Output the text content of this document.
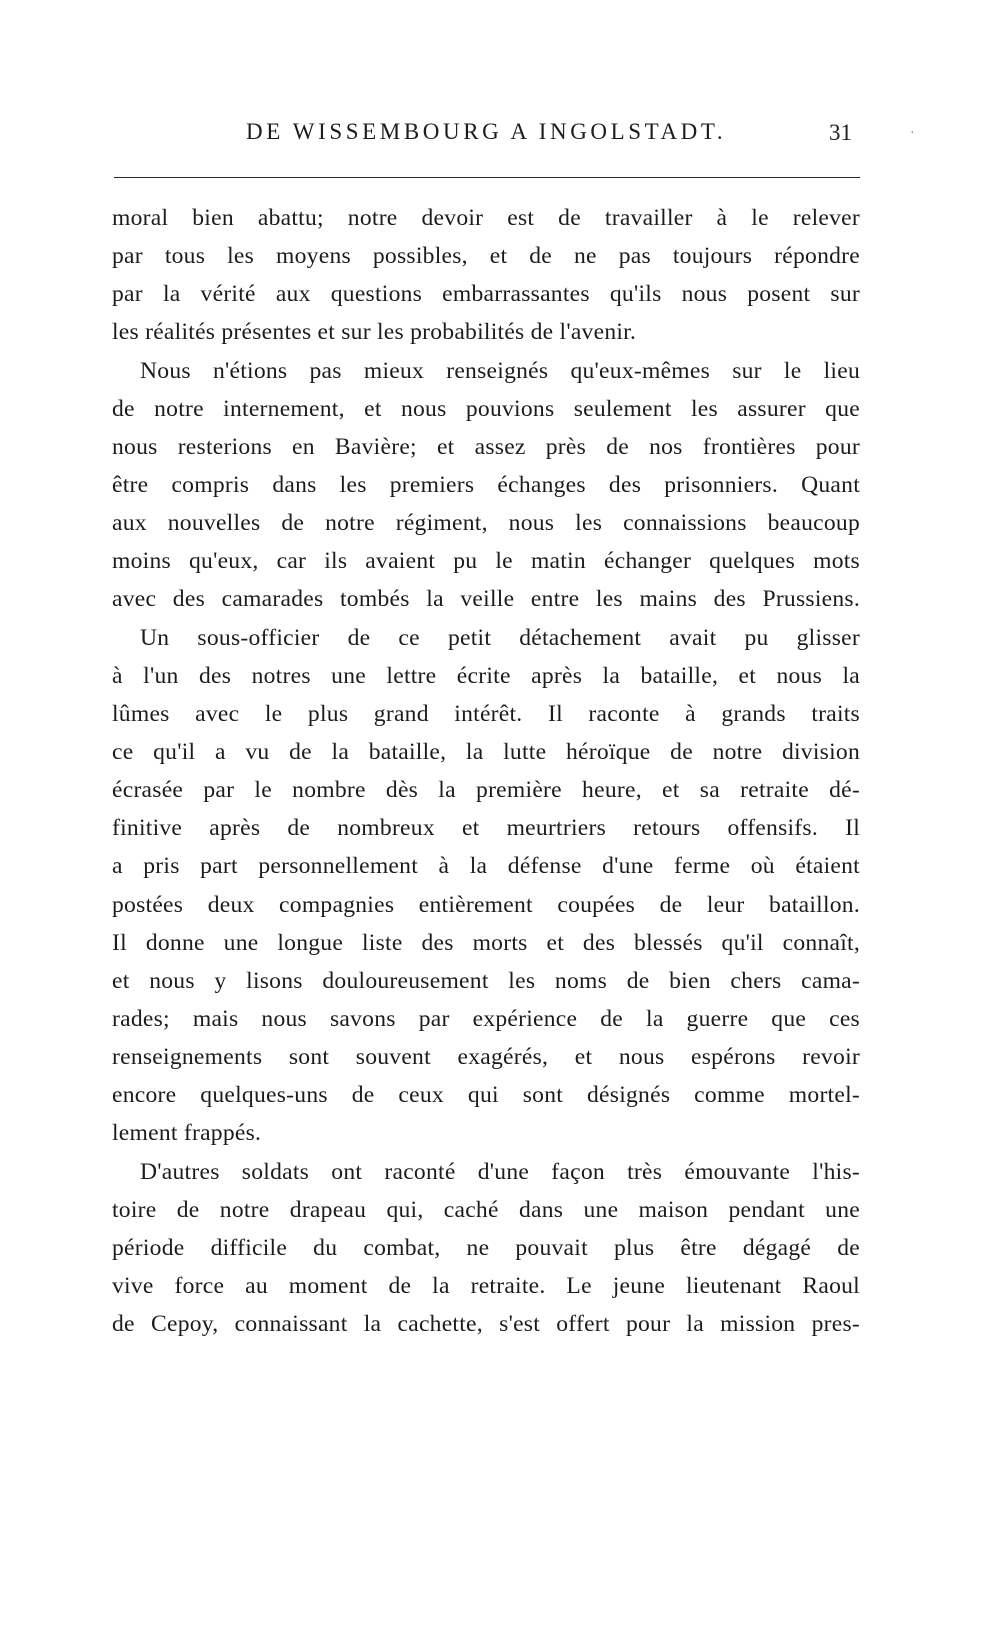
DE WISSEMBOURG A INGOLSTADT.	31	·
moral bien abattu; notre devoir est de travailler à le relever
par tous les moyens possibles, et de ne pas toujours répondre
par la vérité aux questions embarrassantes qu'ils nous posent sur
les réalités présentes et sur les probabilités de l'avenir.
Nous n'étions pas mieux renseignés qu'eux-mêmes sur le lieu
de notre internement, et nous pouvions seulement les assurer que
nous resterions en Bavière; et assez près de nos frontières pour
être compris dans les premiers échanges des prisonniers. Quant
aux nouvelles de notre régiment, nous les connaissions beaucoup
moins qu'eux, car ils avaient pu le matin échanger quelques mots
avec des camarades tombés la veille entre les mains des Prussiens.
Un sous-officier de ce petit détachement avait pu glisser
à l'un des notres une lettre écrite après la bataille, et nous la
lûmes avec le plus grand intérêt. Il raconte à grands traits
ce qu'il a vu de la bataille, la lutte héroïque de notre division
écrasée par le nombre dès la première heure, et sa retraite dé-
finitive après de nombreux et meurtriers retours offensifs. Il
a pris part personnellement à la défense d'une ferme où étaient
postées deux compagnies entièrement coupées de leur bataillon.
Il donne une longue liste des morts et des blessés qu'il connaît,
et nous y lisons douloureusement les noms de bien chers cama-
rades; mais nous savons par expérience de la guerre que ces
renseignements sont souvent exagérés, et nous espérons revoir
encore quelques-uns de ceux qui sont désignés comme mortel-
lement frappés.
D'autres soldats ont raconté d'une façon très émouvante l'his-
toire de notre drapeau qui, caché dans une maison pendant une
période difficile du combat, ne pouvait plus être dégagé de
vive force au moment de la retraite. Le jeune lieutenant Raoul
de Cepoy, connaissant la cachette, s'est offert pour la mission pres-
